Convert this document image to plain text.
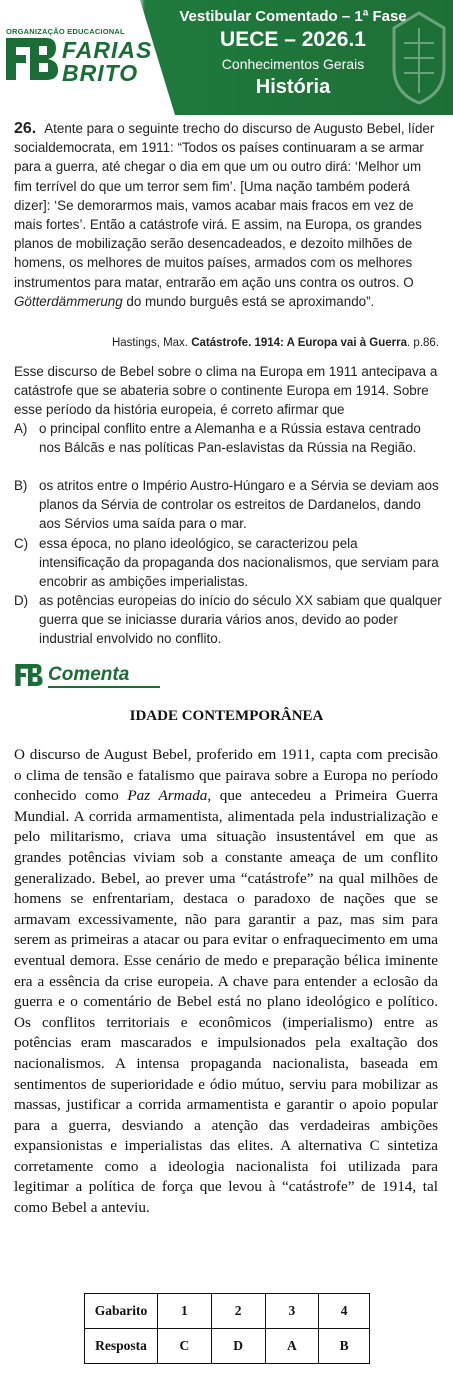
ORGANIZAÇÃO EDUCACIONAL
FARIAS
BRITO
Vestibular Comentado – 1ª Fase
UECE – 2026.1
Conhecimentos Gerais
História
26. Atente para o seguinte trecho do discurso de Augusto Bebel, líder socialdemocrata, em 1911: “Todos os países continuaram a se armar para a guerra, até chegar o dia em que um ou outro dirá: ‘Melhor um fim terrível do que um terror sem fim’. [Uma nação também poderá dizer]: ‘Se demorarmos mais, vamos acabar mais fracos em vez de mais fortes’. Então a catástrofe virá. E assim, na Europa, os grandes planos de mobilização serão desencadeados, e dezoito milhões de homens, os melhores de muitos países, armados com os melhores instrumentos para matar, entrarão em ação uns contra os outros. O Götterdämmerung do mundo burguês está se aproximando”.
Hastings, Max. Catástrofe. 1914: A Europa vai à Guerra. p.86.
Esse discurso de Bebel sobre o clima na Europa em 1911 antecipava a catástrofe que se abateria sobre o continente Europa em 1914. Sobre esse período da história europeia, é correto afirmar que
A) o principal conflito entre a Alemanha e a Rússia estava centrado nos Bálcãs e nas políticas Pan-eslavistas da Rússia na Região.
B) os atritos entre o Império Austro-Húngaro e a Sérvia se deviam aos planos da Sérvia de controlar os estreitos de Dardanelos, dando aos Sérvios uma saída para o mar.
C) essa época, no plano ideológico, se caracterizou pela intensificação da propaganda dos nacionalismos, que serviam para encobrir as ambições imperialistas.
D) as potências europeias do início do século XX sabiam que qualquer guerra que se iniciasse duraria vários anos, devido ao poder industrial envolvido no conflito.
Comenta
IDADE CONTEMPORÂNEA
O discurso de August Bebel, proferido em 1911, capta com precisão o clima de tensão e fatalismo que pairava sobre a Europa no período conhecido como Paz Armada, que antecedeu a Primeira Guerra Mundial. A corrida armamentista, alimentada pela industrialização e pelo militarismo, criava uma situação insustentável em que as grandes potências viviam sob a constante ameaça de um conflito generalizado. Bebel, ao prever uma “catástrofe” na qual milhões de homens se enfrentariam, destaca o paradoxo de nações que se armavam excessivamente, não para garantir a paz, mas sim para serem as primeiras a atacar ou para evitar o enfraquecimento em uma eventual demora. Esse cenário de medo e preparação bélica iminente era a essência da crise europeia. A chave para entender a eclosão da guerra e o comentário de Bebel está no plano ideológico e político. Os conflitos territoriais e econômicos (imperialismo) entre as potências eram mascarados e impulsionados pela exaltação dos nacionalismos. A intensa propaganda nacionalista, baseada em sentimentos de superioridade e ódio mútuo, serviu para mobilizar as massas, justificar a corrida armamentista e garantir o apoio popular para a guerra, desviando a atenção das verdadeiras ambições expansionistas e imperialistas das elites. A alternativa C sintetiza corretamente como a ideologia nacionalista foi utilizada para legitimar a política de força que levou à “catástrofe” de 1914, tal como Bebel a anteviu.
Gabarito	1	2	3	4
Resposta	C	D	A	B
